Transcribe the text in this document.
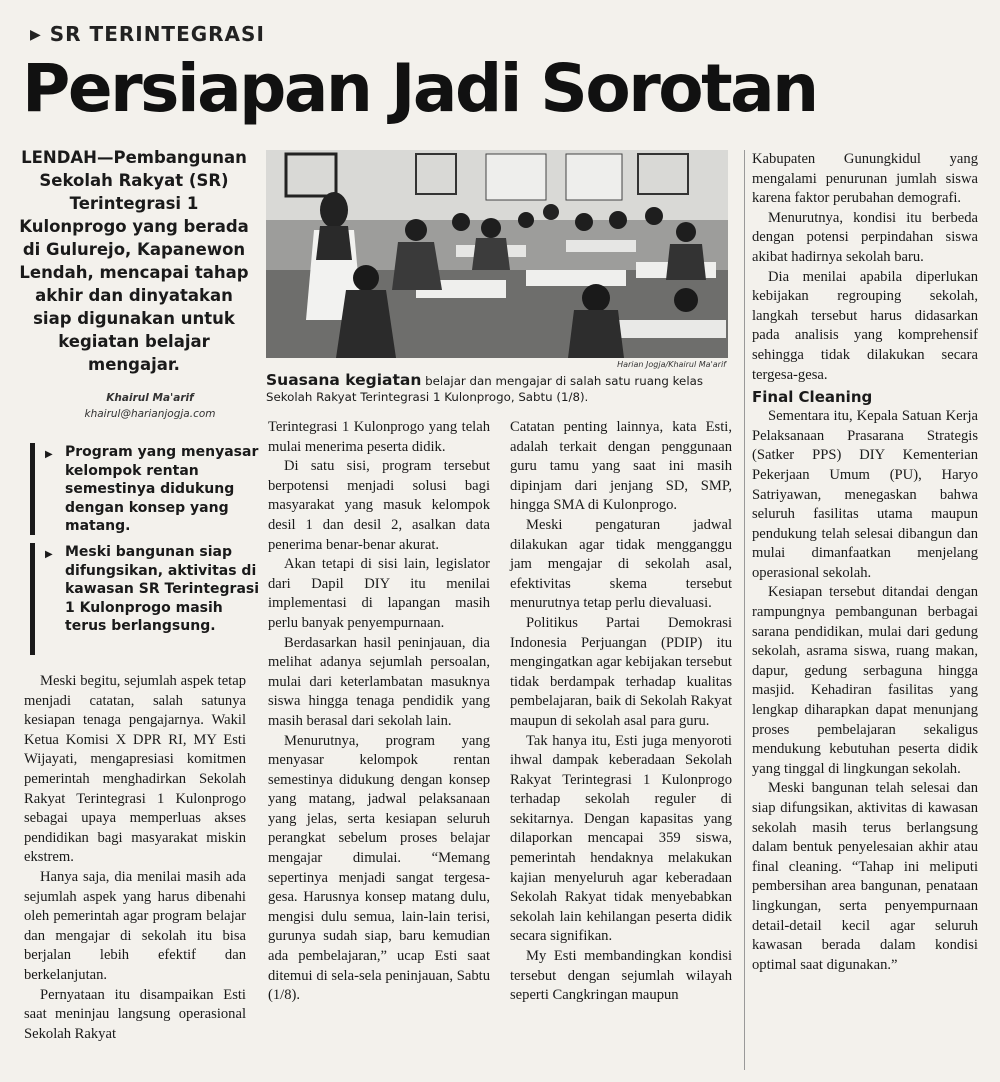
▶ SR TERINTEGRASI
Persiapan Jadi Sorotan
LENDAH—Pembangunan Sekolah Rakyat (SR) Terintegrasi 1 Kulonprogo yang berada di Gulurejo, Kapanewon Lendah, mencapai tahap akhir dan dinyatakan siap digunakan untuk kegiatan belajar mengajar.
Khairul Ma'arif
khairul@harianjogja.com
▶ Program yang menyasar kelompok rentan semestinya didukung dengan konsep yang matang.
▶ Meski bangunan siap difungsikan, aktivitas di kawasan SR Terintegrasi 1 Kulonprogo masih terus berlangsung.
Harian Jogja/Khairul Ma'arif
Suasana kegiatan belajar dan mengajar di salah satu ruang kelas Sekolah Rakyat Terintegrasi 1 Kulonprogo, Sabtu (1/8).

Meski begitu, sejumlah aspek tetap menjadi catatan, salah satunya kesiapan tenaga pengajarnya. Wakil Ketua Komisi X DPR RI, MY Esti Wijayati, mengapresiasi komitmen pemerintah menghadirkan Sekolah Rakyat Terintegrasi 1 Kulonprogo sebagai upaya memperluas akses pendidikan bagi masyarakat miskin ekstrem.

Hanya saja, dia menilai masih ada sejumlah aspek yang harus dibenahi oleh pemerintah agar program belajar dan mengajar di sekolah itu bisa berjalan lebih efektif dan berkelanjutan.

Pernyataan itu disampaikan Esti saat meninjau langsung operasional Sekolah Rakyat

Terintegrasi 1 Kulonprogo yang telah mulai menerima peserta didik.

Di satu sisi, program tersebut berpotensi menjadi solusi bagi masyarakat yang masuk kelompok desil 1 dan desil 2, asalkan data penerima benar-benar akurat.

Akan tetapi di sisi lain, legislator dari Dapil DIY itu menilai implementasi di lapangan masih perlu banyak penyempurnaan.

Berdasarkan hasil peninjauan, dia melihat adanya sejumlah persoalan, mulai dari keterlambatan masuknya siswa hingga tenaga pendidik yang masih berasal dari sekolah lain.

Menurutnya, program yang menyasar kelompok rentan semestinya didukung dengan konsep yang matang, jadwal pelaksanaan yang jelas, serta kesiapan seluruh perangkat sebelum proses belajar mengajar dimulai. “Memang sepertinya menjadi sangat tergesa-gesa. Harusnya konsep matang dulu, mengisi dulu semua, lain-lain terisi, gurunya sudah siap, baru kemudian ada pembelajaran,” ucap Esti saat ditemui di sela-sela peninjauan, Sabtu (1/8).

Catatan penting lainnya, kata Esti, adalah terkait dengan penggunaan guru tamu yang saat ini masih dipinjam dari jenjang SD, SMP, hingga SMA di Kulonprogo.

Meski pengaturan jadwal dilakukan agar tidak mengganggu jam mengajar di sekolah asal, efektivitas skema tersebut menurutnya tetap perlu dievaluasi.

Politikus Partai Demokrasi Indonesia Perjuangan (PDIP) itu mengingatkan agar kebijakan tersebut tidak berdampak terhadap kualitas pembelajaran, baik di Sekolah Rakyat maupun di sekolah asal para guru.

Tak hanya itu, Esti juga menyoroti ihwal dampak keberadaan Sekolah Rakyat Terintegrasi 1 Kulonprogo terhadap sekolah reguler di sekitarnya. Dengan kapasitas yang dilaporkan mencapai 359 siswa, pemerintah hendaknya melakukan kajian menyeluruh agar keberadaan Sekolah Rakyat tidak menyebabkan sekolah lain kehilangan peserta didik secara signifikan.

My Esti membandingkan kondisi tersebut dengan sejumlah wilayah seperti Cangkringan maupun

Kabupaten Gunungkidul yang mengalami penurunan jumlah siswa karena faktor perubahan demografi.

Menurutnya, kondisi itu berbeda dengan potensi perpindahan siswa akibat hadirnya sekolah baru.

Dia menilai apabila diperlukan kebijakan regrouping sekolah, langkah tersebut harus didasarkan pada analisis yang komprehensif sehingga tidak dilakukan secara tergesa-gesa.

Final Cleaning

Sementara itu, Kepala Satuan Kerja Pelaksanaan Prasarana Strategis (Satker PPS) DIY Kementerian Pekerjaan Umum (PU), Haryo Satriyawan, menegaskan bahwa seluruh fasilitas utama maupun pendukung telah selesai dibangun dan mulai dimanfaatkan menjelang operasional sekolah.

Kesiapan tersebut ditandai dengan rampungnya pembangunan berbagai sarana pendidikan, mulai dari gedung sekolah, asrama siswa, ruang makan, dapur, gedung serbaguna hingga masjid. Kehadiran fasilitas yang lengkap diharapkan dapat menunjang proses pembelajaran sekaligus mendukung kebutuhan peserta didik yang tinggal di lingkungan sekolah.

Meski bangunan telah selesai dan siap difungsikan, aktivitas di kawasan sekolah masih terus berlangsung dalam bentuk penyelesaian akhir atau final cleaning. “Tahap ini meliputi pembersihan area bangunan, penataan lingkungan, serta penyempurnaan detail-detail kecil agar seluruh kawasan berada dalam kondisi optimal saat digunakan.”
